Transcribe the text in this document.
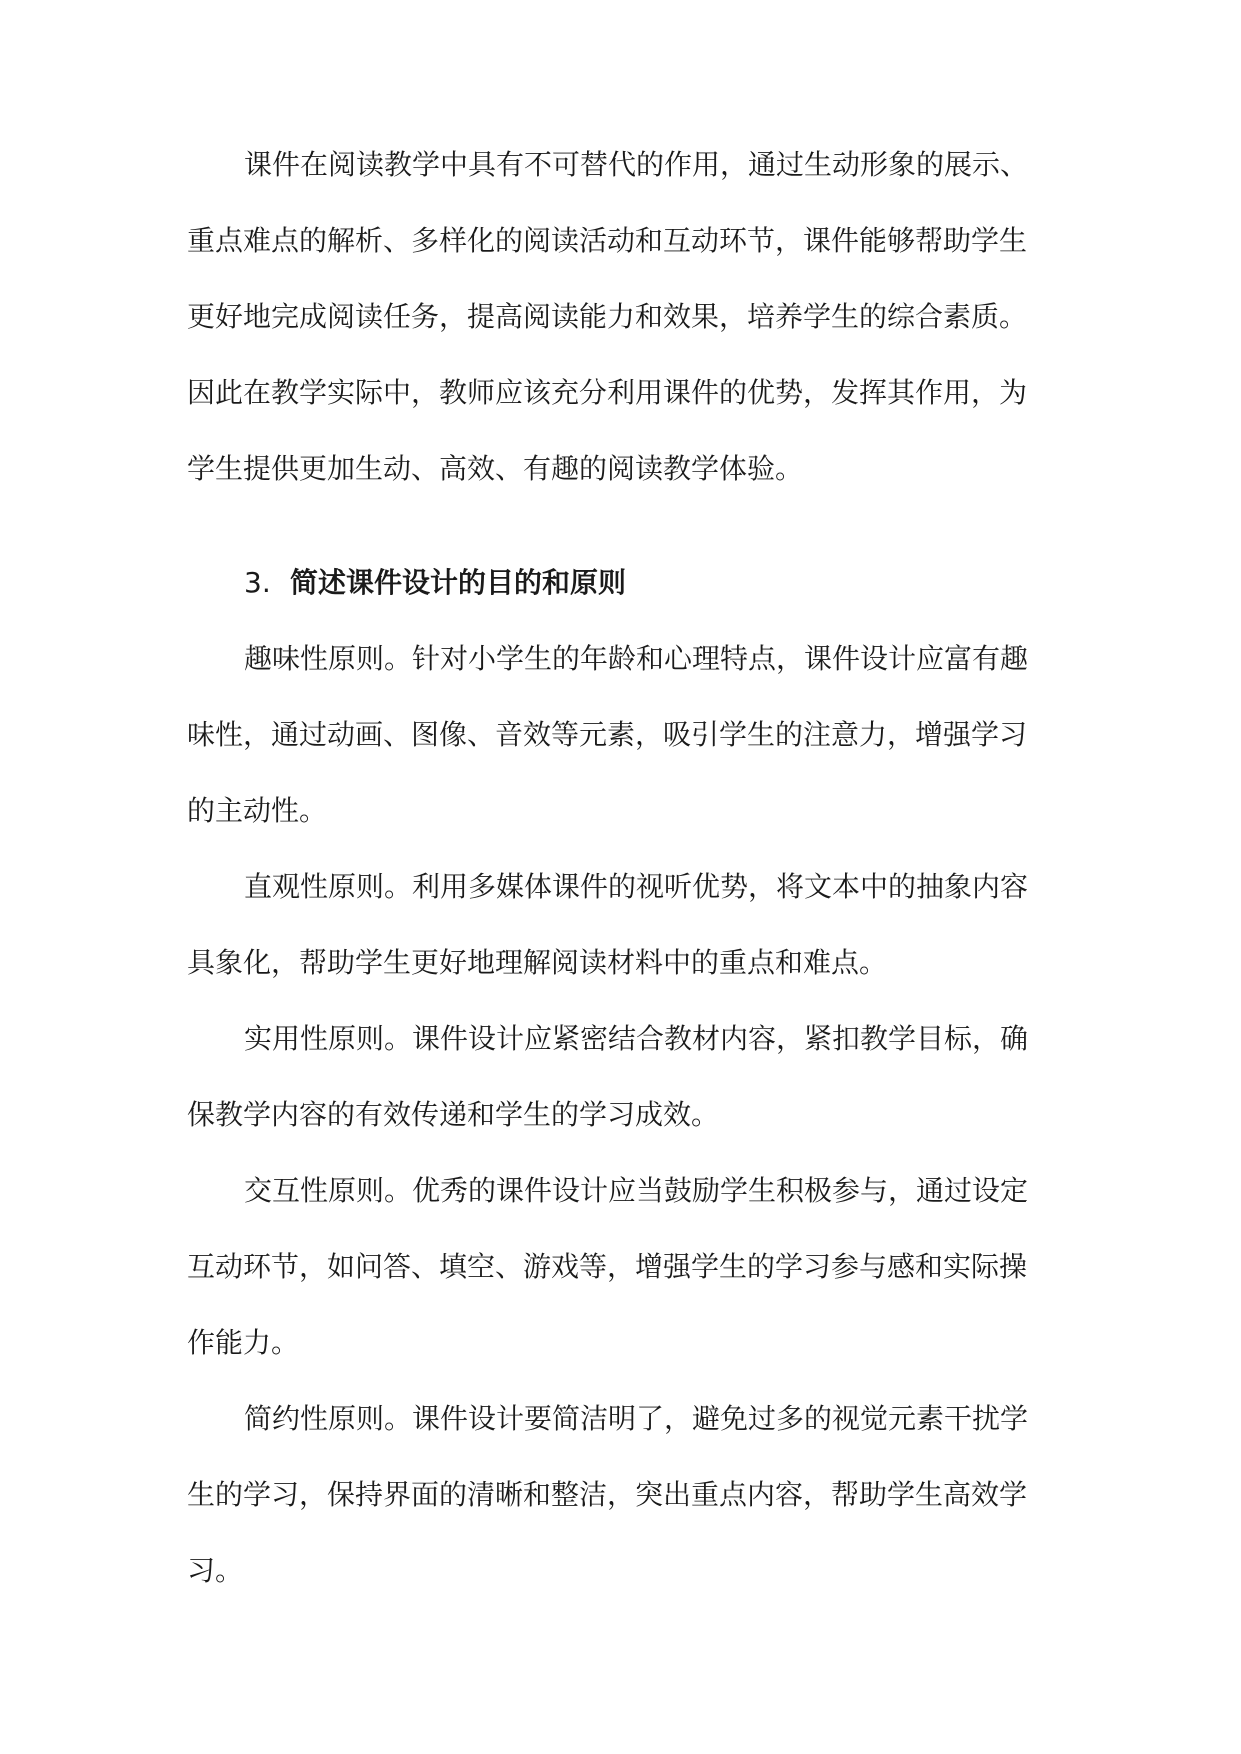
课件在阅读教学中具有不可替代的作用，通过生动形象的展示、

重点难点的解析、多样化的阅读活动和互动环节，课件能够帮助学生

更好地完成阅读任务，提高阅读能力和效果，培养学生的综合素质。

因此在教学实际中，教师应该充分利用课件的优势，发挥其作用，为

学生提供更加生动、高效、有趣的阅读教学体验。

3. 简述课件设计的目的和原则

趣味性原则。针对小学生的年龄和心理特点，课件设计应富有趣

味性，通过动画、图像、音效等元素，吸引学生的注意力，增强学习

的主动性。

直观性原则。利用多媒体课件的视听优势，将文本中的抽象内容

具象化，帮助学生更好地理解阅读材料中的重点和难点。

实用性原则。课件设计应紧密结合教材内容，紧扣教学目标，确

保教学内容的有效传递和学生的学习成效。

交互性原则。优秀的课件设计应当鼓励学生积极参与，通过设定

互动环节，如问答、填空、游戏等，增强学生的学习参与感和实际操

作能力。

简约性原则。课件设计要简洁明了，避免过多的视觉元素干扰学

生的学习，保持界面的清晰和整洁，突出重点内容，帮助学生高效学

习。
